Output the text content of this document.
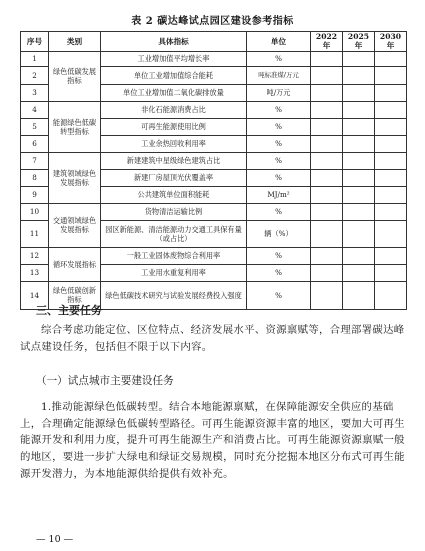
表 2 碳达峰试点园区建设参考指标
序号	类别	具体指标	单位	2022 年	2025 年	2030 年
1	绿色低碳发展指标	工业增加值平均增长率	%			
2		单位工业增加值综合能耗	吨标准煤/万元			
3		单位工业增加值二氧化碳排放量	吨/万元			
4	能源绿色低碳转型指标	非化石能源消费占比	%			
5		可再生能源使用比例	%			
6		工业余热回收利用率	%			
7	建筑领域绿色发展指标	新建建筑中星级绿色建筑占比	%			
8		新建厂房屋顶光伏覆盖率	%			
9		公共建筑单位面积能耗	MJ/m²			
10	交通领域绿色发展指标	货物清洁运输比例	%			
11		园区新能源、清洁能源动力交通工具保有量（或占比）	辆（%）			
12	循环发展指标	一般工业固体废物综合利用率	%			
13		工业用水重复利用率	%			
14	绿色低碳创新指标	绿色低碳技术研究与试验发展经费投入强度	%			
三、主要任务
综合考虑功能定位、区位特点、经济发展水平、资源禀赋等，合理部署碳达峰试点建设任务，包括但不限于以下内容。
（一）试点城市主要建设任务
1.推动能源绿色低碳转型。结合本地能源禀赋，在保障能源安全供应的基础上，合理确定能源绿色低碳转型路径。可再生能源资源丰富的地区，要加大可再生能源开发和利用力度，提升可再生能源生产和消费占比。可再生能源资源禀赋一般的地区，要进一步扩大绿电和绿证交易规模，同时充分挖掘本地区分布式可再生能源开发潜力，为本地能源供给提供有效补充。
— 10 —
